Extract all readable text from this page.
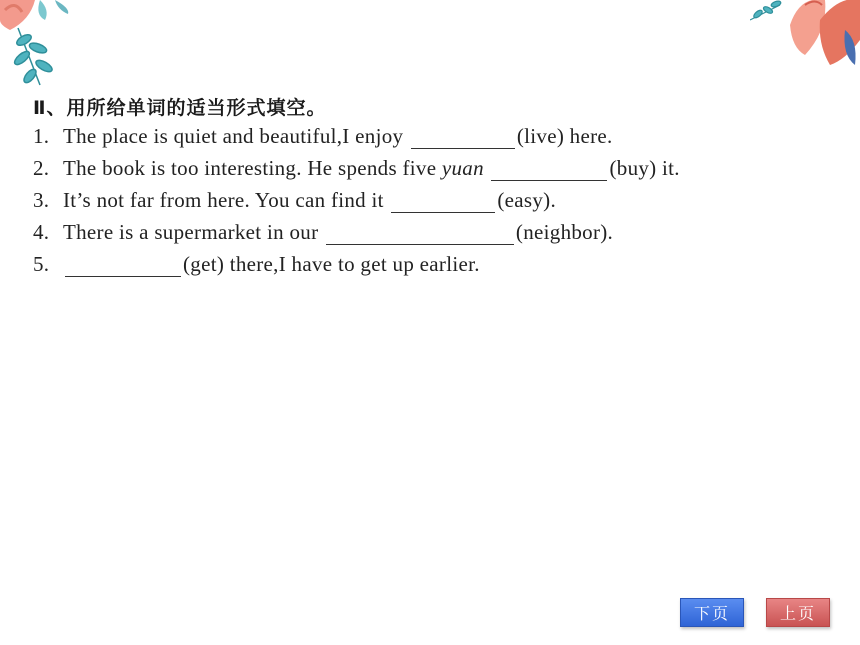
Ⅱ、用所给单词的适当形式填空。
1. The place is quiet and beautiful,I enjoy	(live) here.
2. The book is too interesting. He spends five yuan	(buy) it.
3. It’s not far from here. You can find it	(easy).
4. There is a supermarket in our	(neighbor).
5.	(get) there,I have to get up earlier.
下页	上页
